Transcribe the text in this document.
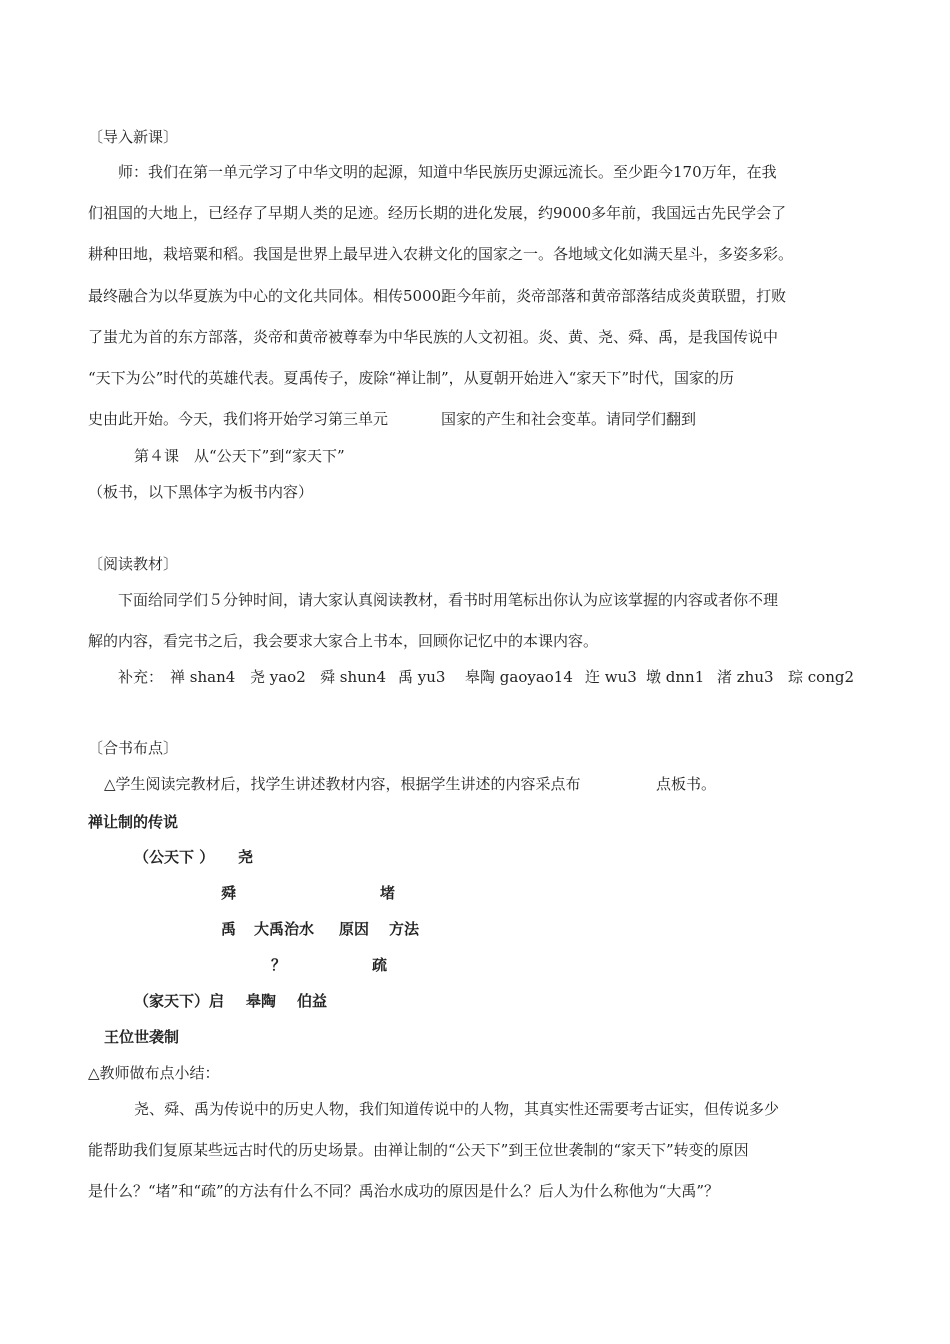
〔导入新课〕
师：我们在第一单元学习了中华文明的起源，知道中华民族历史源远流长。至少距今170万年，在我
们祖国的大地上，已经存了早期人类的足迹。经历长期的进化发展，约9000多年前，我国远古先民学会了
耕种田地，栽培粟和稻。我国是世界上最早进入农耕文化的国家之一。各地域文化如满天星斗，多姿多彩。
最终融合为以华夏族为中心的文化共同体。相传5000距今年前，炎帝部落和黄帝部落结成炎黄联盟，打败
了蚩尤为首的东方部落，炎帝和黄帝被尊奉为中华民族的人文初祖。炎、黄、尧、舜、禹，是我国传说中
“天下为公”时代的英雄代表。夏禹传子，废除“禅让制”，从夏朝开始进入“家天下”时代，国家的历
史由此开始。今天，我们将开始学习第三单元	国家的产生和社会变革。请同学们翻到
第４课　从“公天下”到“家天下”
（板书，以下黑体字为板书内容）
〔阅读教材〕
下面给同学们５分钟时间，请大家认真阅读教材，看书时用笔标出你认为应该掌握的内容或者你不理
解的内容，看完书之后，我会要求大家合上书本，回顾你记忆中的本课内容。
补充： 禅 shan4 尧 yao2 舜 shun4 禹 yu3 皋陶 gaoyao14 迕 wu3 墩 dnn1 渚 zhu3 琮 cong2
〔合书布点〕
△学生阅读完教材后，找学生讲述教材内容，根据学生讲述的内容采点布	点板书。
禅让制的传说
（公天下 ） 尧
舜	堵
禹 大禹治水 原因 方法
？	疏
（家天下）启 皋陶 伯益
王位世袭制
△教师做布点小结：
尧、舜、禹为传说中的历史人物，我们知道传说中的人物，其真实性还需要考古证实，但传说多少
能帮助我们复原某些远古时代的历史场景。由禅让制的“公天下”到王位世袭制的“家天下”转变的原因
是什么？“堵”和“疏”的方法有什么不同？禹治水成功的原因是什么？后人为什么称他为“大禹”？
